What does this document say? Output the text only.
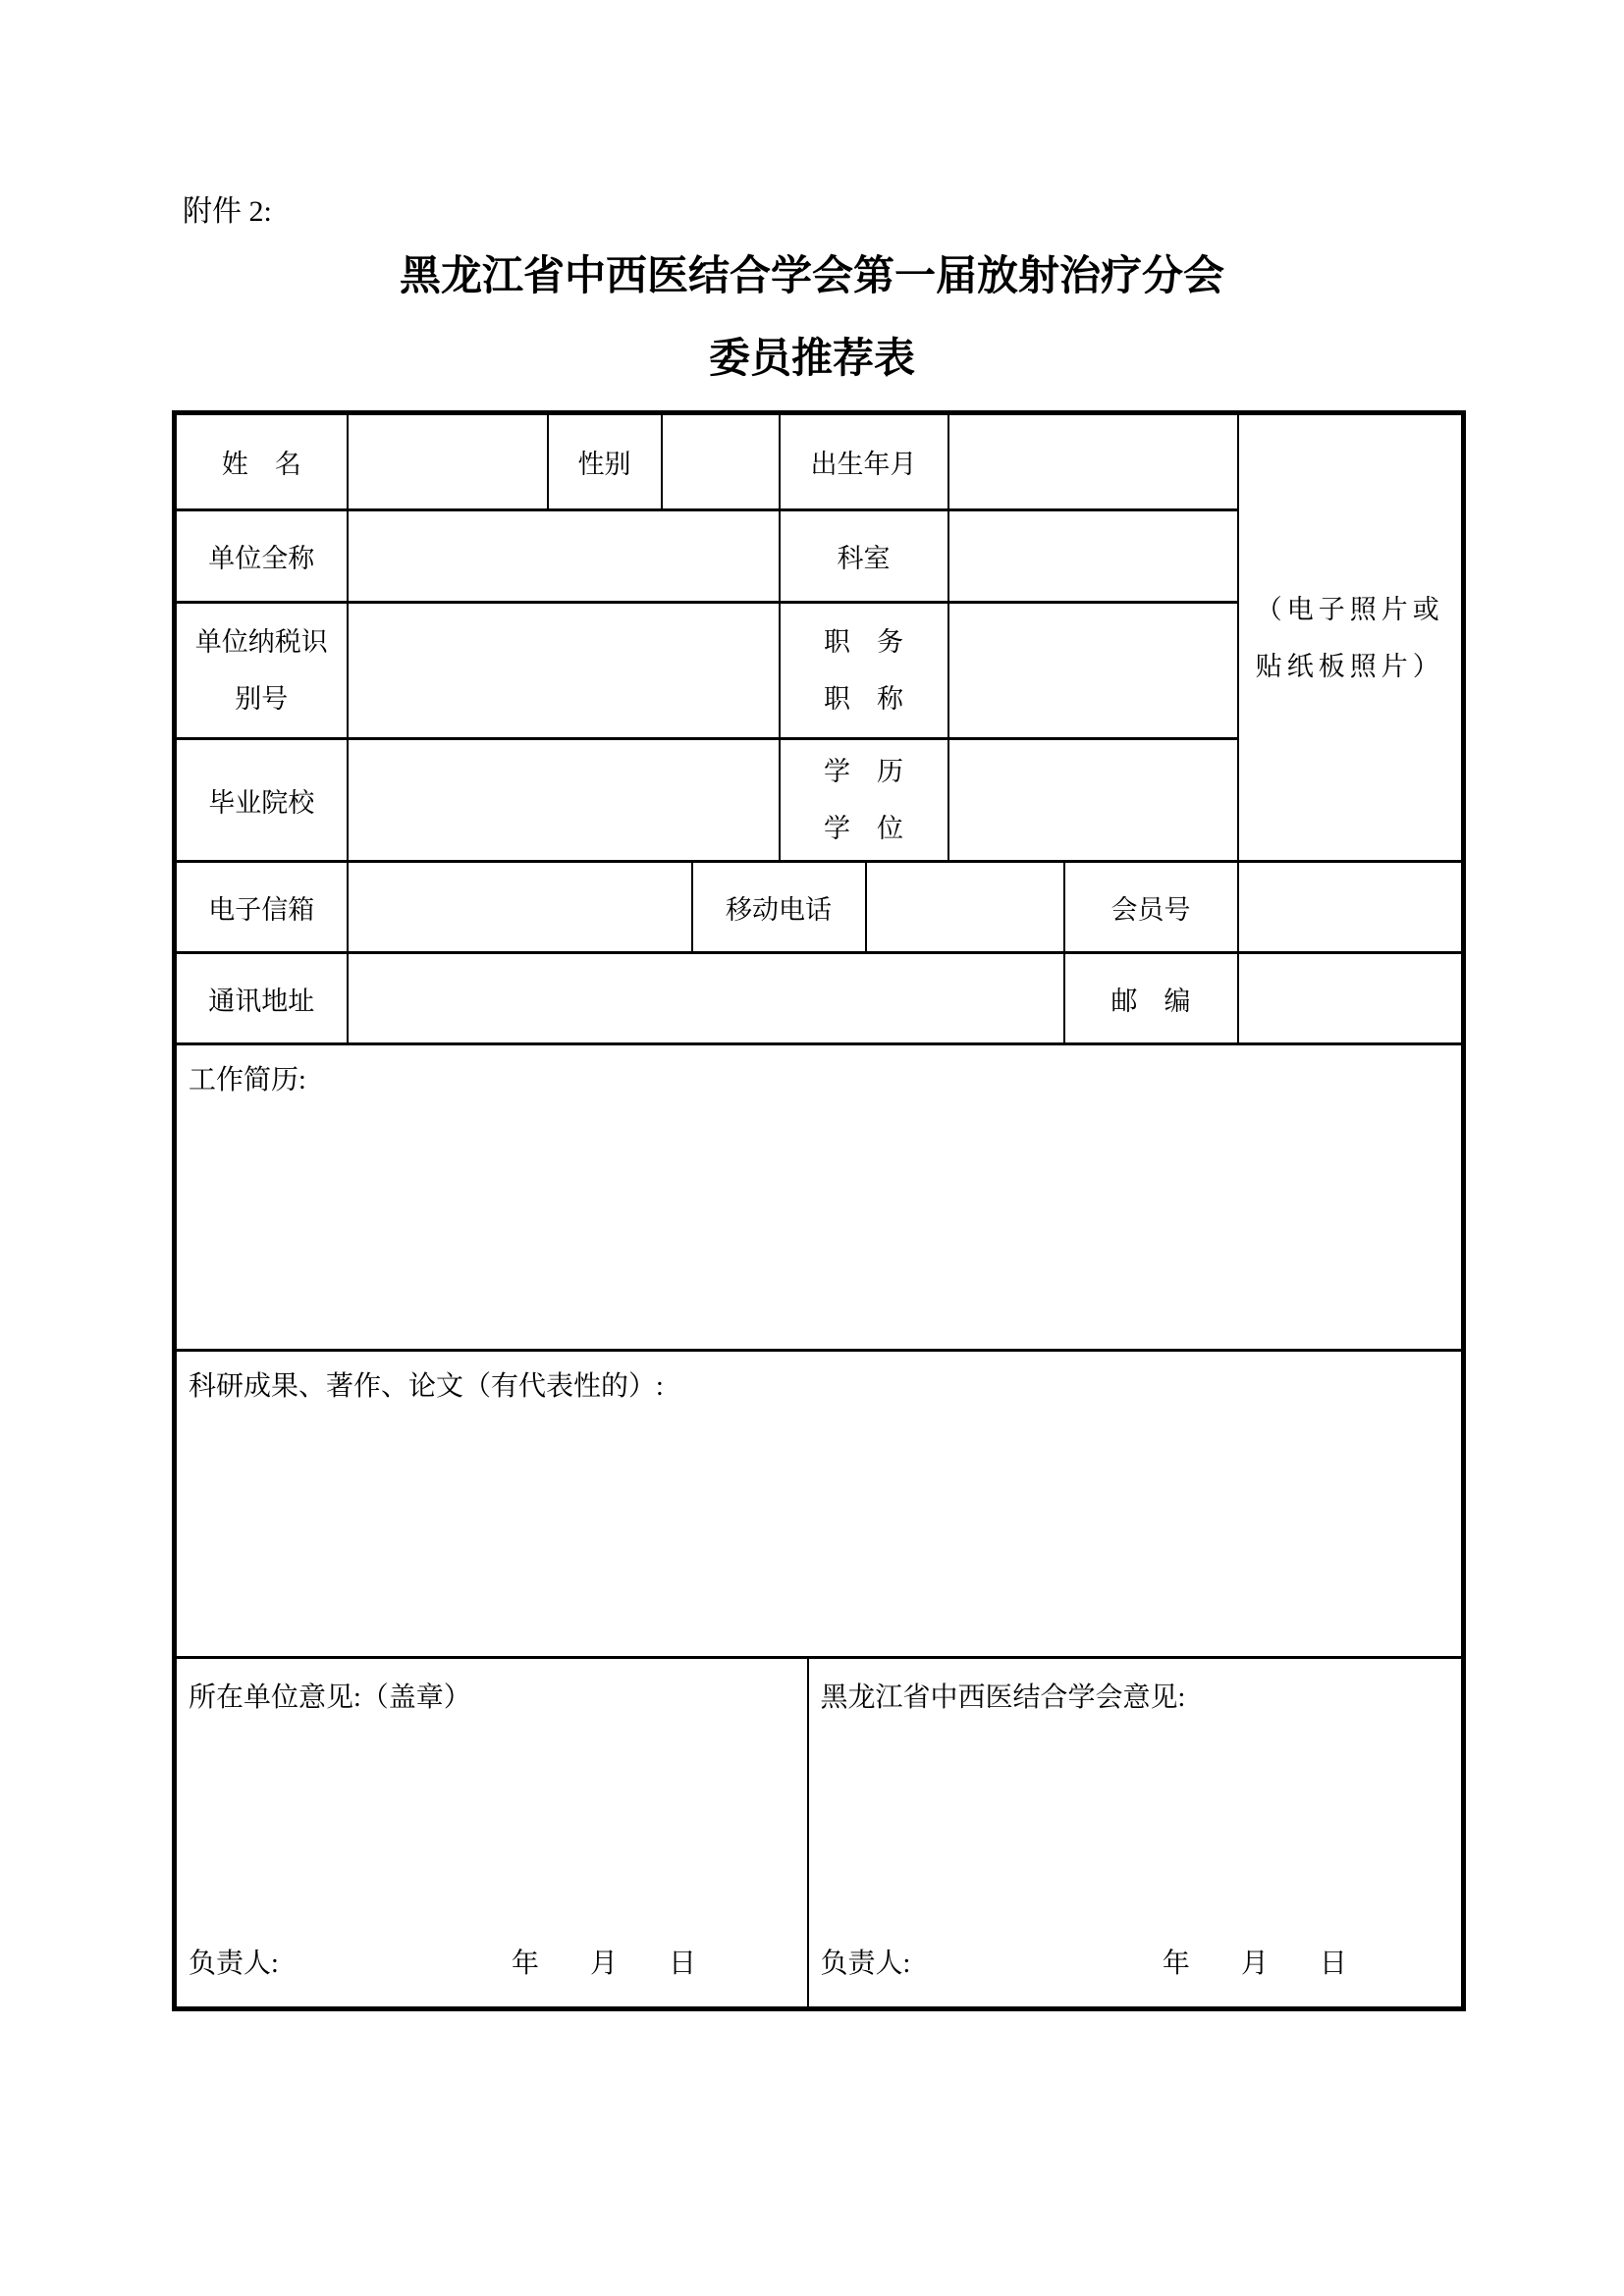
附件 2:
黑龙江省中西医结合学会第一届放射治疗分会
委员推荐表
姓　名		性别			出生年月					（电子照片或
贴纸板照片）

单位全称					科室					

单位纳税识
别号					职　务
职　称					

毕业院校					学　历
学　位					

电子信箱				移动电话					会员号	
通讯地址									邮　编	

工作简历:										

科研成果、著作、论文（有代表性的）:										

所在单位意见:（盖章）
负责人:	年 月 日

黑龙江省中西医结合学会意见:
负责人:	年 月 日
